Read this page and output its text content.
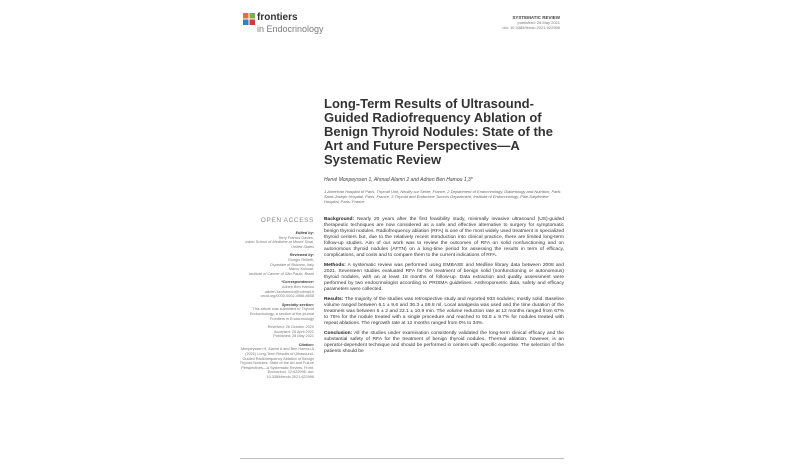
frontiers
in Endocrinology
SYSTEMATIC REVIEW
published: 28 May 2021
doi: 10.3389/fendo.2021.622996
Long-Term Results of Ultrasound-Guided Radiofrequency Ablation of Benign Thyroid Nodules: State of the Art and Future Perspectives—A Systematic Review
Hervé Monpeyssen 1, Ahmad Alamri 2 and Adrien Ben Hamou 1,3*
1 American Hospital of Paris, Thyroid Unit, Neuilly sur Seine, France, 2 Department of Endocrinology, Diabetology and Nutrition, Paris Saint-Joseph Hospital, Paris, France, 3 Thyroid and Endocrine Tumors Department, Institute of Endocrinology, Pitié-Salpêtrière Hospital, Paris, France
OPEN ACCESS
Edited by:
Terry Francis Davies,
Icahn School of Medicine at Mount Sinai, United States
Reviewed by:
Giorgio Rolletti,
Ospedale di Bolzano, Italy
Marco Kulcsar,
Institute of Cancer of São Paulo, Brazil
*Correspondence:
Adrien Ben Hamou
adrien.benhamou@hotmail.fr
orcid.org/0000-0002-4986-8658
Specialty section:
This article was submitted to Thyroid Endocrinology, a section of the journal Frontiers in Endocrinology
Received: 26 October 2020
Accepted: 26 April 2021
Published: 28 May 2021
Citation:
Monpeyssen H, Alamri A and Ben Hamou A (2021) Long-Term Results of Ultrasound-Guided Radiofrequency Ablation of Benign Thyroid Nodules: State of the Art and Future Perspectives—A Systematic Review. Front. Endocrinol. 12:622996. doi: 10.3389/fendo.2021.622996

Background: Nearly 20 years after the first feasibility study, minimally invasive ultrasound (US)-guided therapeutic techniques are now considered as a safe and effective alternative to surgery for symptomatic benign thyroid nodules. Radiofrequency ablation (RFA) is one of the most widely used treatment in specialized thyroid centers but, due to the relatively recent introduction into clinical practice, there are limited long-term follow-up studies. Aim of our work was to review the outcomes of RFA on solid nonfunctioning and on autonomous thyroid nodules (AFTN) on a long-time period for assessing the results in term of efficacy, complications, and costs and to compare them to the current indications of RFA.

Methods: A systematic review was performed using EMBASE and Medline library data between 2008 and 2021. Seventeen studies evaluated RFA for the treatment of benign solid (nonfunctioning or autonomous) thyroid nodules, with an at least 18 months of follow-up. Data extraction and quality assessment were performed by two endocrinologist according to PRISMA guidelines. Anthropometric data, safety and efficacy parameters were collected.

Results: The majority of the studies was retrospective study and reported 933 nodules, mostly solid. Baseline volume ranged between 6.1 ± 9.6 and 36.3 ± 59.8 ml. Local analgesia was used and the time duration of the treatment was between 5 ± 2 and 22.1 ± 10.9 min. The volume reduction rate at 12 months ranged from 67% to 75% for the nodule treated with a single procedure and reached to 93.6 ± 9.7% for nodules treated with repeat ablations. The regrowth rate at 12 months ranged from 0% to 34%.

Conclusion: All the studies under examination consistently validated the long-term clinical efficacy and the substantial safety of RFA for the treatment of benign thyroid nodules. Thermal ablation, however, is an operator-dependent technique and should be performed in centers with specific expertise. The selection of the patients should be
